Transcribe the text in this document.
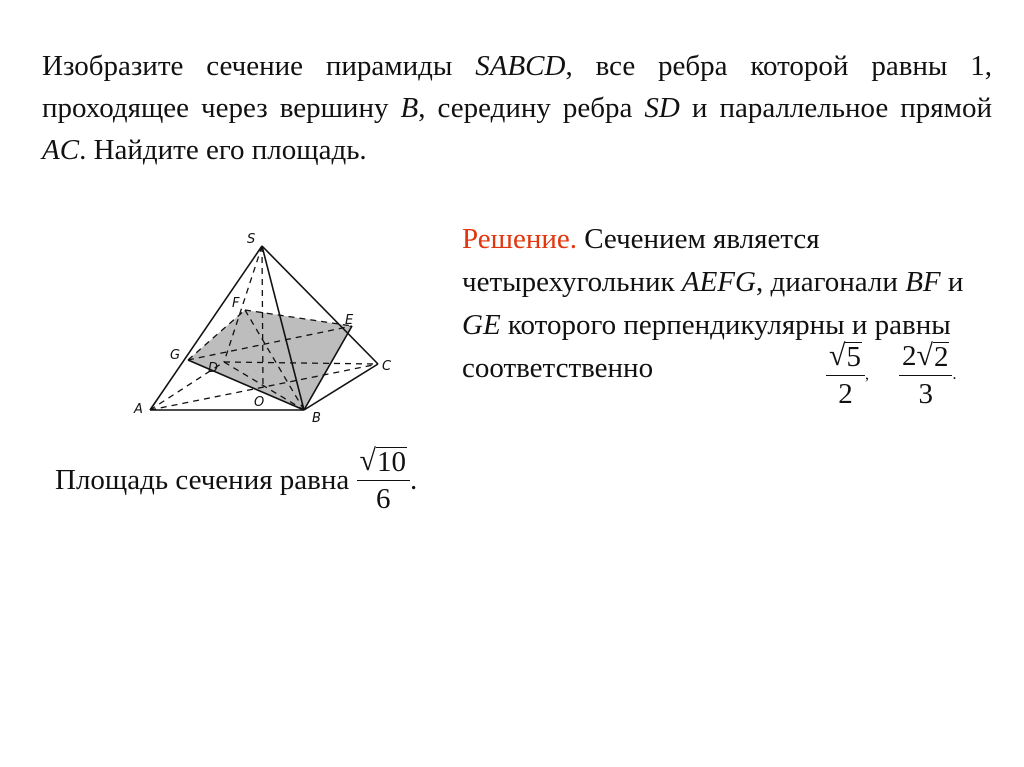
Изобразите сечение пирамиды SABCD, все ребра которой равны 1, проходящее через вершину B, середину ребра SD и параллельное прямой AC. Найдите его площадь.

S
F
E
G
D	C
A	O
B

Решение. Сечением является четырехугольник AEFG, диагонали BF и GE которого перпендикулярны и равны соответственно	$\frac{√ 5}{2}$ , $\frac{2 √ 2}{3}$ .
Площадь сечения равна $\frac{√ 10}{6}$ .
